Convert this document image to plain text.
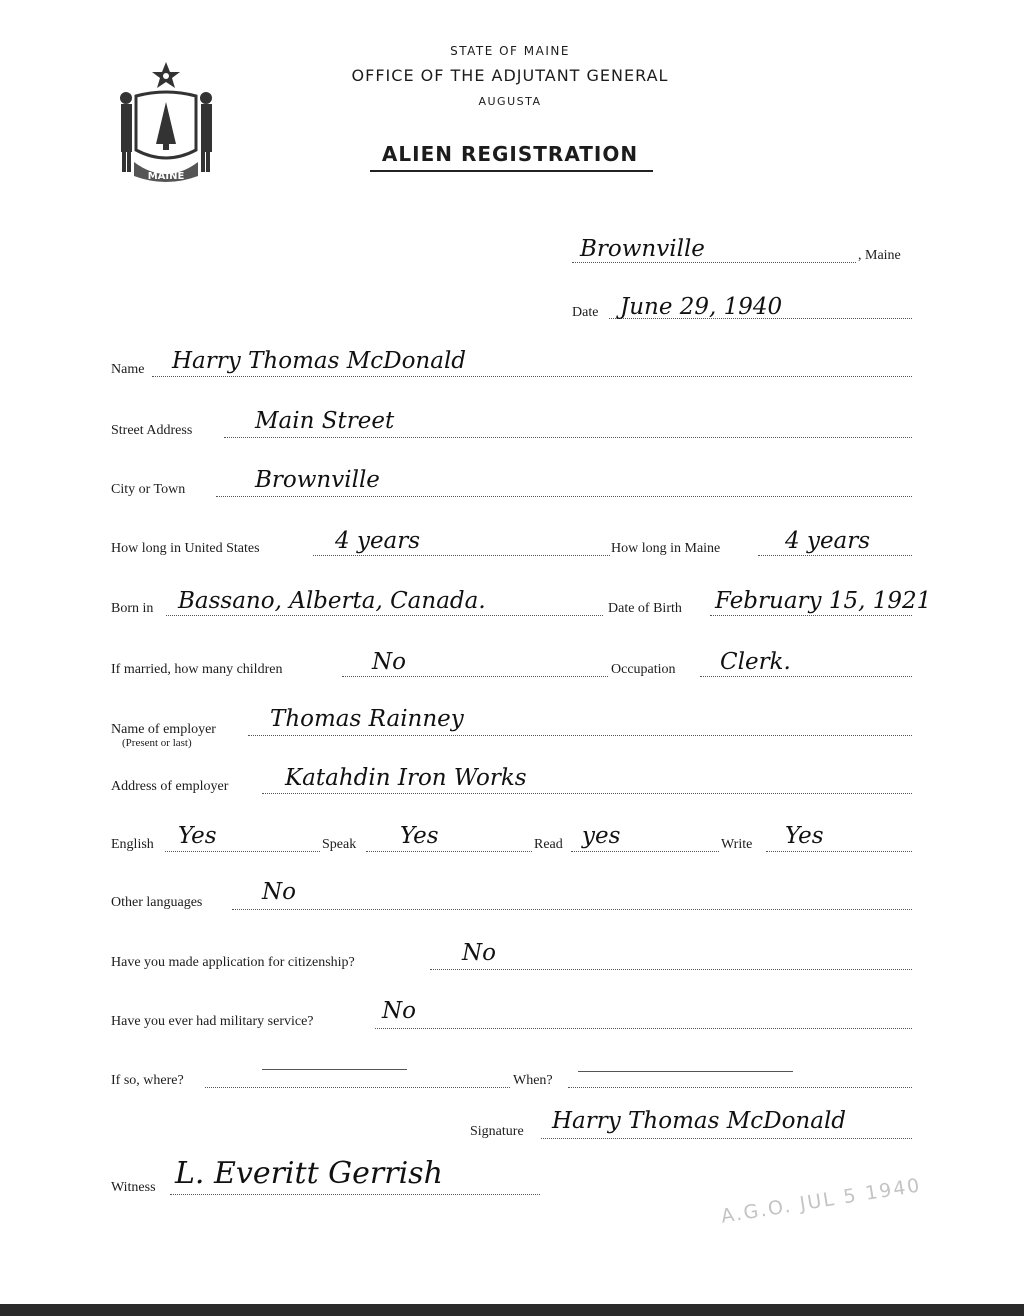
MAINE
STATE OF MAINE
OFFICE OF THE ADJUTANT GENERAL
AUGUSTA
ALIEN REGISTRATION
Brownville	, Maine
Date June 29, 1940
Name Harry Thomas McDonald
Street Address	Main Street
City or Town	Brownville
How long in United States	4 years	How long in Maine	4 years
Born in Bassano, Alberta, Canada.	Date of Birth February 15, 1921
If married, how many children	No	Occupation Clerk.
Name of employer
(Present or last)
Thomas Rainney
Address of employer Katahdin Iron Works
English Yes	Speak Yes	Read yes	Write Yes
Other languages	No
Have you made application for citizenship?	No
Have you ever had military service?	No
If so, where?	When?
Signature Harry Thomas McDonald
Witness L. Everitt Gerrish
A.G.O. JUL 5 1940
